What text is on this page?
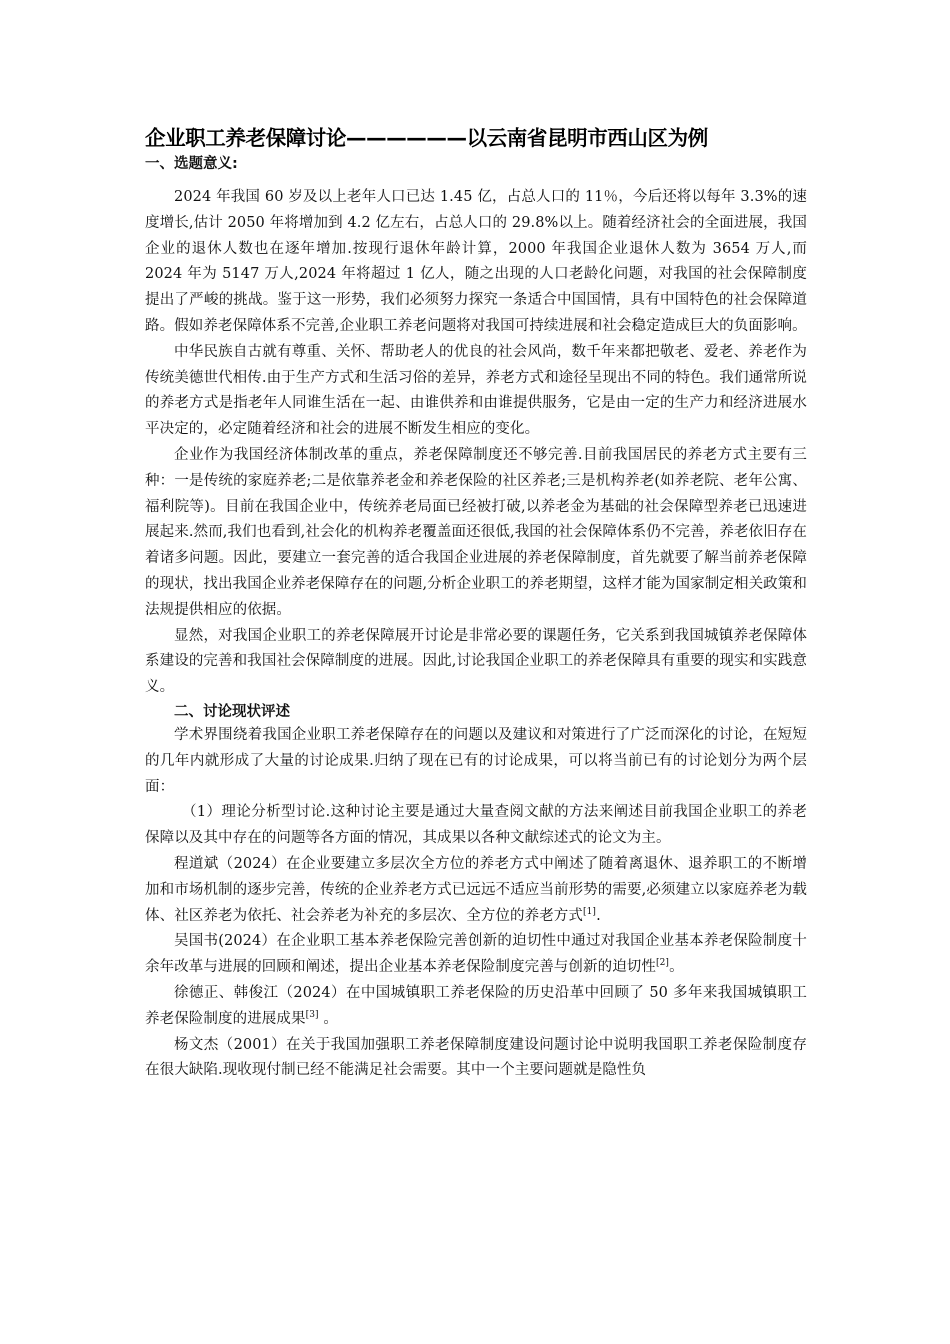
企业职工养老保障讨论——————以云南省昆明市西山区为例
一、选题意义:

2024 年我国 60 岁及以上老年人口已达 1.45 亿，占总人口的 11％，今后还将以每年 3.3%的速度增长,估计 2050 年将增加到 4.2 亿左右，占总人口的 29.8%以上。随着经济社会的全面进展，我国企业的退休人数也在逐年增加.按现行退休年龄计算，2000 年我国企业退休人数为 3654 万人,而 2024 年为 5147 万人,2024 年将超过 1 亿人，随之出现的人口老龄化问题，对我国的社会保障制度提出了严峻的挑战。鉴于这一形势，我们必须努力探究一条适合中国国情，具有中国特色的社会保障道路。假如养老保障体系不完善,企业职工养老问题将对我国可持续进展和社会稳定造成巨大的负面影响。

中华民族自古就有尊重、关怀、帮助老人的优良的社会风尚，数千年来都把敬老、爱老、养老作为传统美德世代相传.由于生产方式和生活习俗的差异，养老方式和途径呈现出不同的特色。我们通常所说的养老方式是指老年人同谁生活在一起、由谁供养和由谁提供服务，它是由一定的生产力和经济进展水平决定的，必定随着经济和社会的进展不断发生相应的变化。

企业作为我国经济体制改革的重点，养老保障制度还不够完善.目前我国居民的养老方式主要有三种：一是传统的家庭养老;二是依靠养老金和养老保险的社区养老;三是机构养老(如养老院、老年公寓、福利院等)。目前在我国企业中，传统养老局面已经被打破,以养老金为基础的社会保障型养老已迅速进展起来.然而,我们也看到,社会化的机构养老覆盖面还很低,我国的社会保障体系仍不完善，养老依旧存在着诸多问题。因此，要建立一套完善的适合我国企业进展的养老保障制度，首先就要了解当前养老保障的现状，找出我国企业养老保障存在的问题,分析企业职工的养老期望，这样才能为国家制定相关政策和法规提供相应的依据。

显然，对我国企业职工的养老保障展开讨论是非常必要的课题任务，它关系到我国城镇养老保障体系建设的完善和我国社会保障制度的进展。因此,讨论我国企业职工的养老保障具有重要的现实和实践意义。

二、讨论现状评述

学术界围绕着我国企业职工养老保障存在的问题以及建议和对策进行了广泛而深化的讨论，在短短的几年内就形成了大量的讨论成果.归纳了现在已有的讨论成果，可以将当前已有的讨论划分为两个层面：

（1）理论分析型讨论.这种讨论主要是通过大量查阅文献的方法来阐述目前我国企业职工的养老保障以及其中存在的问题等各方面的情况，其成果以各种文献综述式的论文为主。

程道斌（2024）在企业要建立多层次全方位的养老方式中阐述了随着离退休、退养职工的不断增加和市场机制的逐步完善，传统的企业养老方式已远远不适应当前形势的需要,必须建立以家庭养老为载体、社区养老为依托、社会养老为补充的多层次、全方位的养老方式[1].

吴国书(2024）在企业职工基本养老保险完善创新的迫切性中通过对我国企业基本养老保险制度十余年改革与进展的回顾和阐述，提出企业基本养老保险制度完善与创新的迫切性[2]。

徐德正、韩俊江（2024）在中国城镇职工养老保险的历史沿革中回顾了 50 多年来我国城镇职工养老保险制度的进展成果[3] 。

杨文杰（2001）在关于我国加强职工养老保障制度建设问题讨论中说明我国职工养老保险制度存在很大缺陷.现收现付制已经不能满足社会需要。其中一个主要问题就是隐性负
